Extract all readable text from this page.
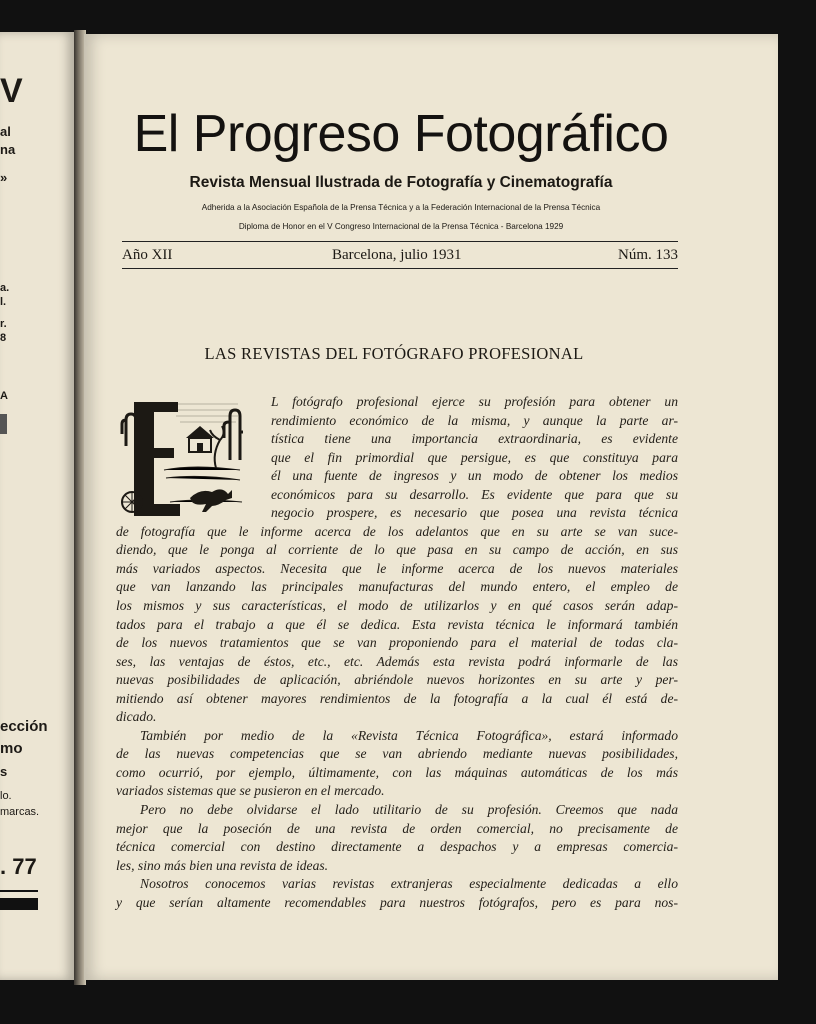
V
al
na
»
a.
l.
r.
8
A
ección
mo
s
lo.
marcas.
. 77
El Progreso Fotográfico
Revista Mensual Ilustrada de Fotografía y Cinematografía
Adherida a la Asociación Española de la Prensa Técnica y a la Federación Internacional de la Prensa Técnica
Diploma de Honor en el V Congreso Internacional de la Prensa Técnica - Barcelona 1929
Año XII	Barcelona, julio 1931	Núm. 133
LAS REVISTAS DEL FOTÓGRAFO PROFESIONAL
L fotógrafo profesional ejerce su profesión para obtener un
rendimiento económico de la misma, y aunque la parte ar-
tística tiene una importancia extraordinaria, es evidente
que el fin primordial que persigue, es que constituya para
él una fuente de ingresos y un modo de obtener los medios
económicos para su desarrollo. Es evidente que para que su
negocio prospere, es necesario que posea una revista técnica
de fotografía que le informe acerca de los adelantos que en su arte se van suce-
diendo, que le ponga al corriente de lo que pasa en su campo de acción, en sus
más variados aspectos. Necesita que le informe acerca de los nuevos materiales
que van lanzando las principales manufacturas del mundo entero, el empleo de
los mismos y sus características, el modo de utilizarlos y en qué casos serán adap-
tados para el trabajo a que él se dedica. Esta revista técnica le informará también
de los nuevos tratamientos que se van proponiendo para el material de todas cla-
ses, las ventajas de éstos, etc., etc. Además esta revista podrá informarle de las
nuevas posibilidades de aplicación, abriéndole nuevos horizontes en su arte y per-
mitiendo así obtener mayores rendimientos de la fotografía a la cual él está de-
dicado.
También por medio de la «Revista Técnica Fotográfica», estará informado
de las nuevas competencias que se van abriendo mediante nuevas posibilidades,
como ocurrió, por ejemplo, últimamente, con las máquinas automáticas de los más
variados sistemas que se pusieron en el mercado.
Pero no debe olvidarse el lado utilitario de su profesión. Creemos que nada
mejor que la poseción de una revista de orden comercial, no precisamente de
técnica comercial con destino directamente a despachos y a empresas comercia-
les, sino más bien una revista de ideas.
Nosotros conocemos varias revistas extranjeras especialmente dedicadas a ello
y que serían altamente recomendables para nuestros fotógrafos, pero es para nos-
